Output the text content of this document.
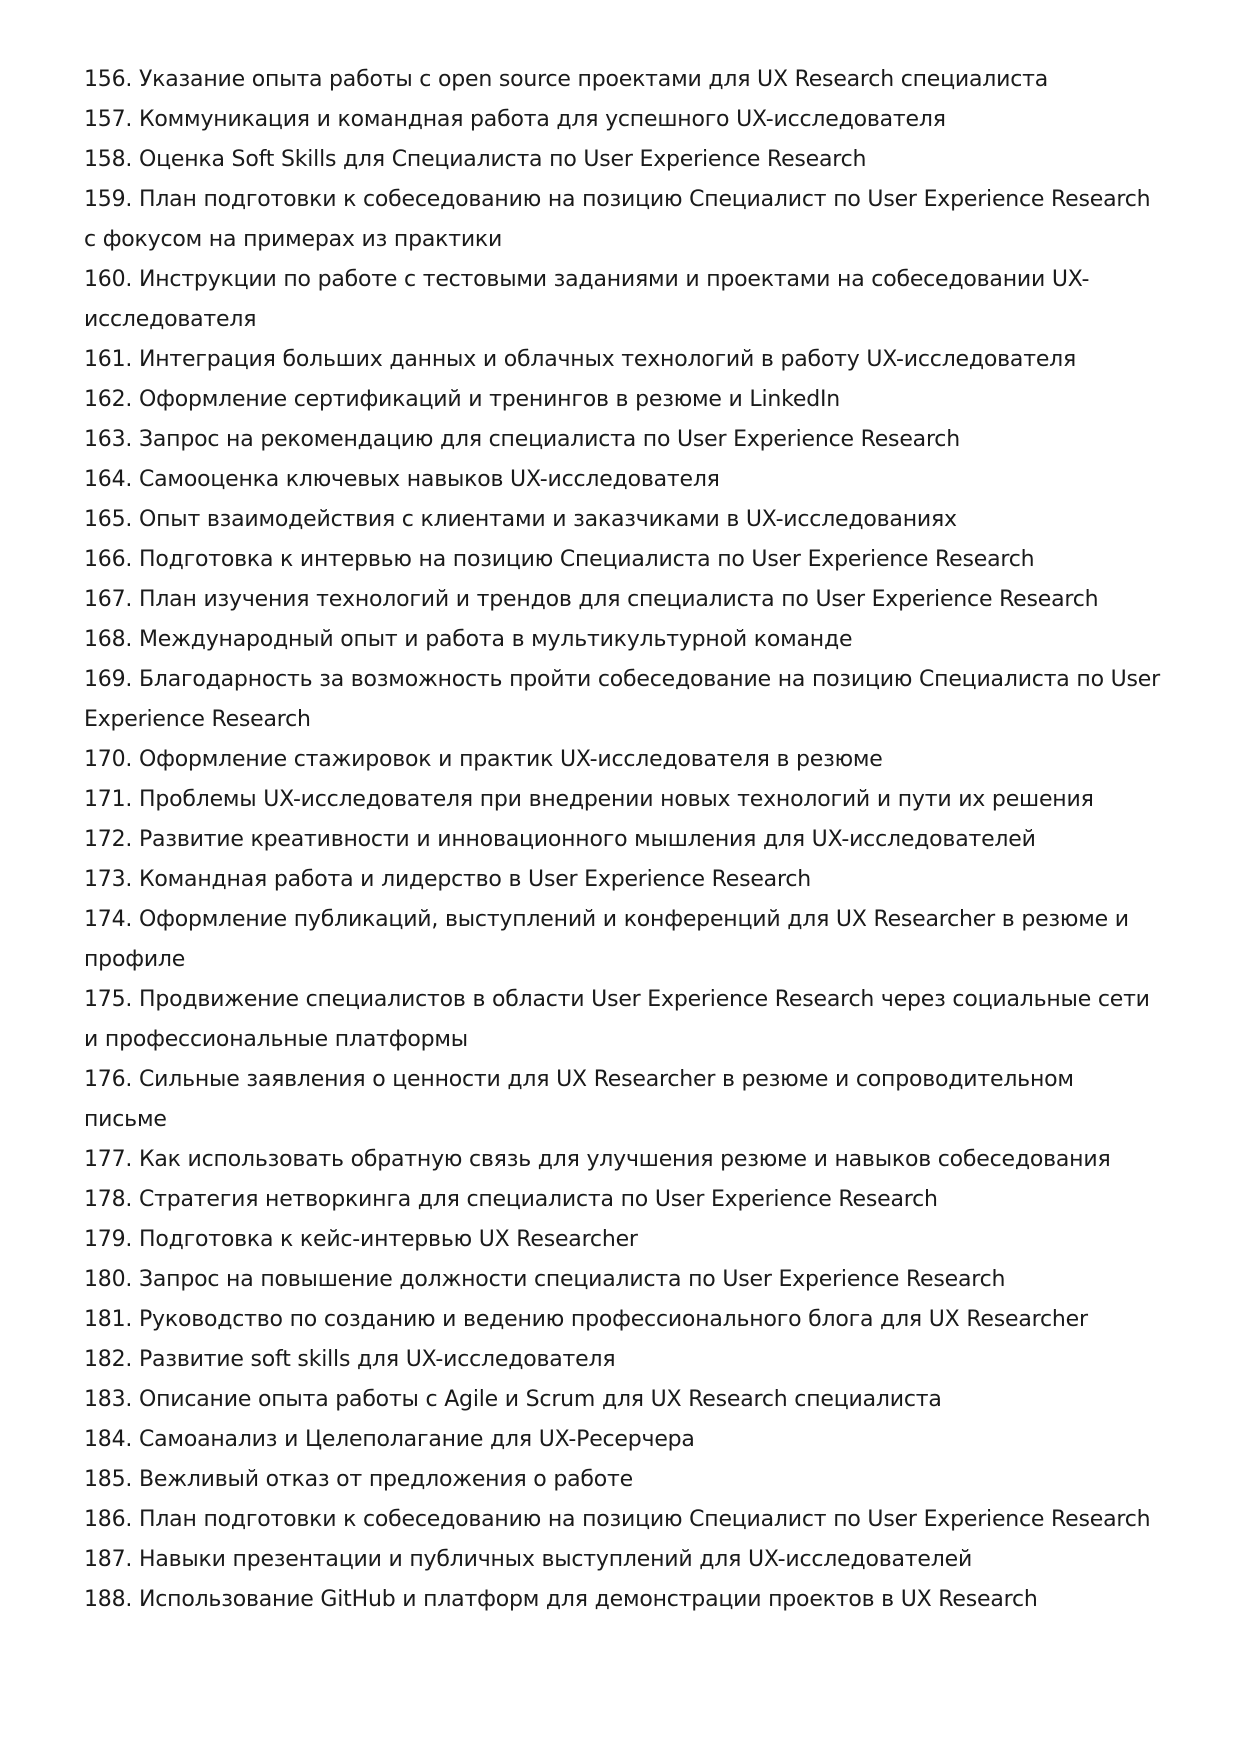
156. Указание опыта работы с open source проектами для UX Research специалиста
157. Коммуникация и командная работа для успешного UX-исследователя
158. Оценка Soft Skills для Специалиста по User Experience Research
159. План подготовки к собеседованию на позицию Специалист по User Experience Research с фокусом на примерах из практики
160. Инструкции по работе с тестовыми заданиями и проектами на собеседовании UX-исследователя
161. Интеграция больших данных и облачных технологий в работу UX-исследователя
162. Оформление сертификаций и тренингов в резюме и LinkedIn
163. Запрос на рекомендацию для специалиста по User Experience Research
164. Самооценка ключевых навыков UX-исследователя
165. Опыт взаимодействия с клиентами и заказчиками в UX-исследованиях
166. Подготовка к интервью на позицию Специалиста по User Experience Research
167. План изучения технологий и трендов для специалиста по User Experience Research
168. Международный опыт и работа в мультикультурной команде
169. Благодарность за возможность пройти собеседование на позицию Специалиста по User Experience Research
170. Оформление стажировок и практик UX-исследователя в резюме
171. Проблемы UX-исследователя при внедрении новых технологий и пути их решения
172. Развитие креативности и инновационного мышления для UX-исследователей
173. Командная работа и лидерство в User Experience Research
174. Оформление публикаций, выступлений и конференций для UX Researcher в резюме и профиле
175. Продвижение специалистов в области User Experience Research через социальные сети и профессиональные платформы
176. Сильные заявления о ценности для UX Researcher в резюме и сопроводительном письме
177. Как использовать обратную связь для улучшения резюме и навыков собеседования
178. Стратегия нетворкинга для специалиста по User Experience Research
179. Подготовка к кейс-интервью UX Researcher
180. Запрос на повышение должности специалиста по User Experience Research
181. Руководство по созданию и ведению профессионального блога для UX Researcher
182. Развитие soft skills для UX-исследователя
183. Описание опыта работы с Agile и Scrum для UX Research специалиста
184. Самоанализ и Целеполагание для UX-Ресерчера
185. Вежливый отказ от предложения о работе
186. План подготовки к собеседованию на позицию Специалист по User Experience Research
187. Навыки презентации и публичных выступлений для UX-исследователей
188. Использование GitHub и платформ для демонстрации проектов в UX Research
